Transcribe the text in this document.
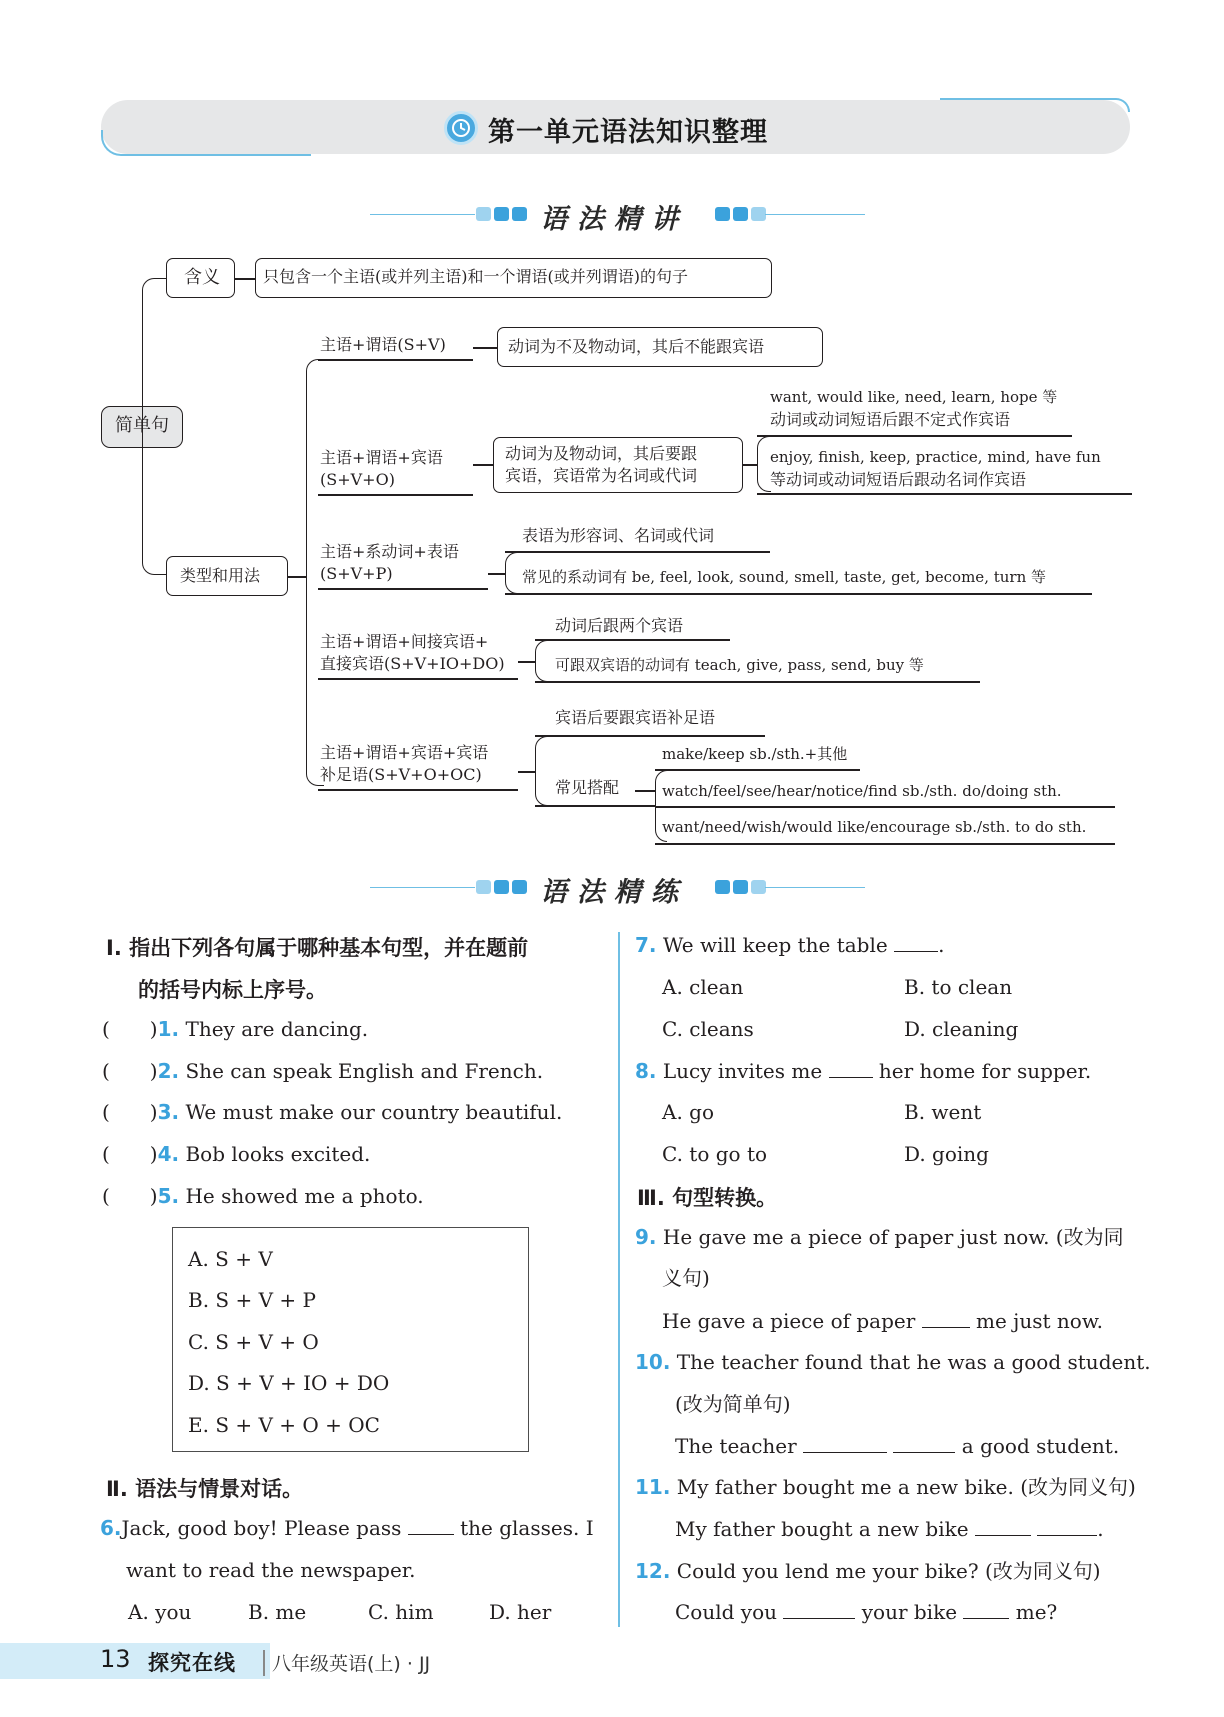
第一单元语法知识整理
语法精讲
简单句
含义	只包含一个主语(或并列主语)和一个谓语(或并列谓语)的句子
类型和用法
主语+谓语(S+V)	动词为不及物动词，其后不能跟宾语
主语+谓语+宾语
(S+V+O)
动词为及物动词，其后要跟
宾语，宾语常为名词或代词
want, would like, need, learn, hope 等
动词或动词短语后跟不定式作宾语
enjoy, finish, keep, practice, mind, have fun
等动词或动词短语后跟动名词作宾语
主语+系动词+表语
(S+V+P)
表语为形容词、名词或代词
常见的系动词有 be, feel, look, sound, smell, taste, get, become, turn 等
主语+谓语+间接宾语+
直接宾语(S+V+IO+DO)
动词后跟两个宾语
可跟双宾语的动词有 teach, give, pass, send, buy 等
主语+谓语+宾语+宾语
补足语(S+V+O+OC)
宾语后要跟宾语补足语
常见搭配
make/keep sb./sth.+其他
watch/feel/see/hear/notice/find sb./sth. do/doing sth.
want/need/wish/would like/encourage sb./sth. to do sth.
语法精练
Ⅰ. 指出下列各句属于哪种基本句型，并在题前
的括号内标上序号。
(　　)1. They are dancing.
(　　)2. She can speak English and French.
(　　)3. We must make our country beautiful.
(　　)4. Bob looks excited.
(　　)5. He showed me a photo.
A. S + V
B. S + V + P
C. S + V + O
D. S + V + IO + DO
E. S + V + O + OC
Ⅱ. 语法与情景对话。
6.Jack, good boy! Please pass	the glasses. I
want to read the newspaper.
A. you	B. me	C. him	D. her
7. We will keep the table	.
A. clean	B. to clean
C. cleans	D. cleaning
8. Lucy invites me	her home for supper.
A. go	B. went
C. to go to	D. going
Ⅲ. 句型转换。
9. He gave me a piece of paper just now. (改为同
义句)
He gave a piece of paper	me just now.
10. The teacher found that he was a good student.
(改为简单句)
The teacher	a good student.
11. My father bought me a new bike. (改为同义句)
My father bought a new bike	.
12. Could you lend me your bike? (改为同义句)
Could you	your bike	me?
13 探究在线 八年级英语(上) · JJ
